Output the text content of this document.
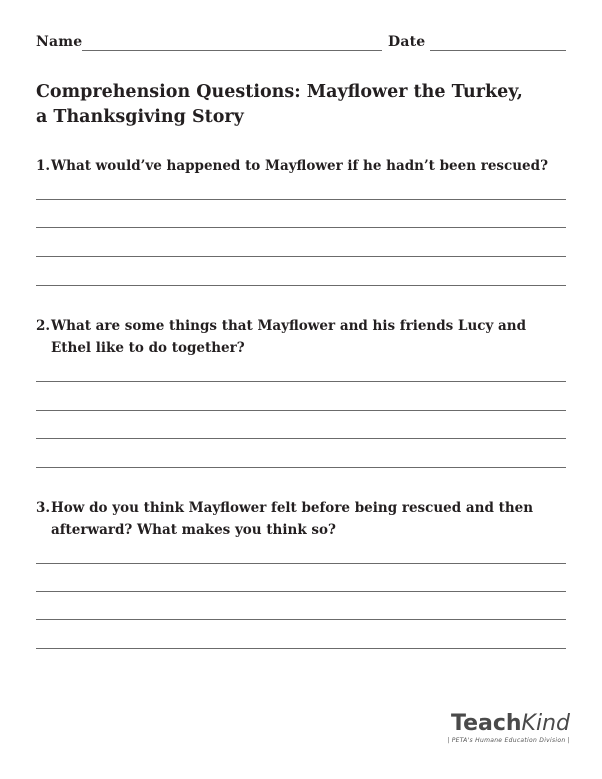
Name	Date
Comprehension Questions: Mayflower the Turkey,
a Thanksgiving Story

1.What would’ve happened to Mayflower if he hadn’t been rescued?

2.What are some things that Mayflower and his friends Lucy and Ethel like to do together?

3.How do you think Mayflower felt before being rescued and then afterward? What makes you think so?

TeachKind
| PETA's Humane Education Division |
